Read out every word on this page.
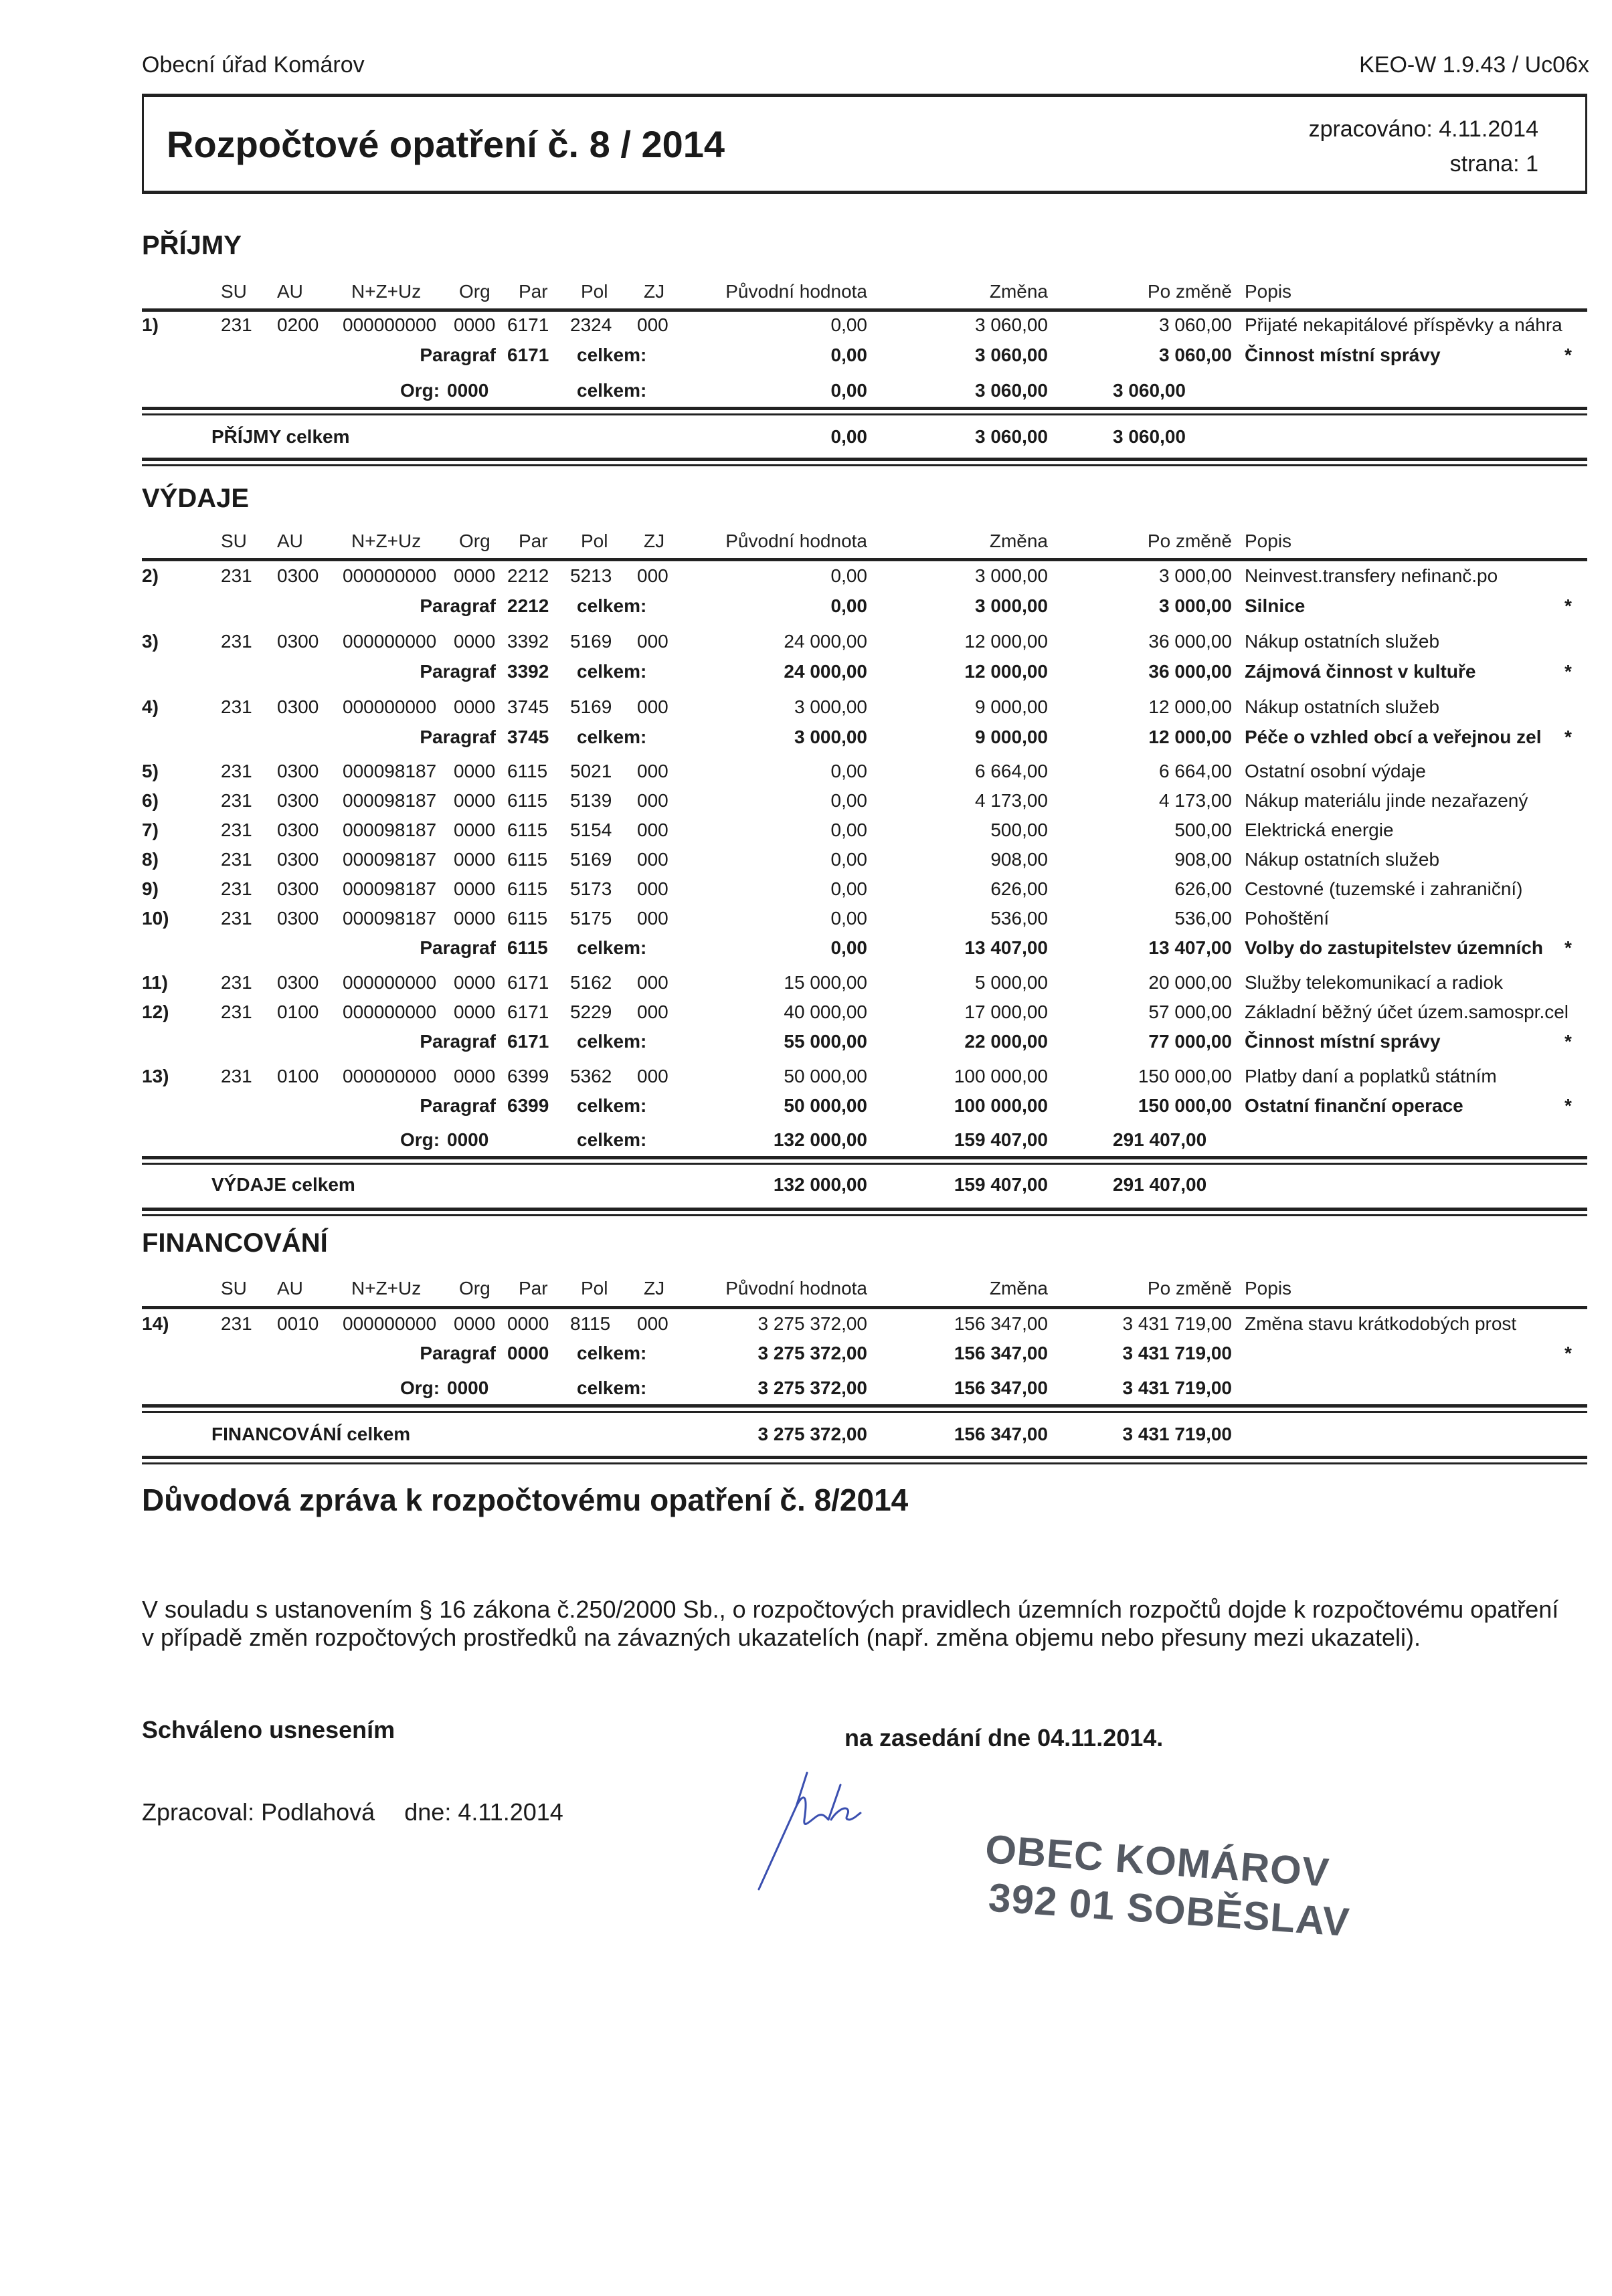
Obecní úřad Komárov	KEO-W 1.9.43 / Uc06x
Rozpočtové opatření č. 8 / 2014	zpracováno: 4.11.2014
strana: 1
PŘÍJMY
SU AU	N+Z+Uz Org Par Pol ZJ	Původní hodnota	Změna	Po změně Popis
1)	231 0200 000000000 0000 6171 2324 000	0,00	3 060,00	3 060,00 Přijaté nekapitálové příspěvky a náhra
Paragraf 6171 celkem:	0,00	3 060,00	3 060,00 Činnost místní správy	*
Org: 0000	celkem:	0,00	3 060,00	3 060,00
PŘÍJMY celkem	0,00	3 060,00	3 060,00
VÝDAJE
SU AU	N+Z+Uz Org Par Pol ZJ	Původní hodnota	Změna	Po změně Popis
2)	231 0300 000000000 0000 2212 5213 000	0,00	3 000,00	3 000,00 Neinvest.transfery nefinanč.po
Paragraf 2212 celkem:	0,00	3 000,00	3 000,00 Silnice	*
3)	231 0300 000000000 0000 3392 5169 000	24 000,00	12 000,00	36 000,00 Nákup ostatních služeb
Paragraf 3392 celkem:	24 000,00	12 000,00	36 000,00 Zájmová činnost v kultuře	*
4)	231 0300 000000000 0000 3745 5169 000	3 000,00	9 000,00	12 000,00 Nákup ostatních služeb
Paragraf 3745 celkem:	3 000,00	9 000,00	12 000,00 Péče o vzhled obcí a veřejnou zel *
5)	231 0300 000098187 0000 6115 5021 000	0,00	6 664,00	6 664,00 Ostatní osobní výdaje
6)	231 0300 000098187 0000 6115 5139 000	0,00	4 173,00	4 173,00 Nákup materiálu jinde nezařazený
7)	231 0300 000098187 0000 6115 5154 000	0,00	500,00	500,00 Elektrická energie
8)	231 0300 000098187 0000 6115 5169 000	0,00	908,00	908,00 Nákup ostatních služeb
9)	231 0300 000098187 0000 6115 5173 000	0,00	626,00	626,00 Cestovné (tuzemské i zahraniční)
10)	231 0300 000098187 0000 6115 5175 000	0,00	536,00	536,00 Pohoštění
Paragraf 6115 celkem:	0,00	13 407,00	13 407,00 Volby do zastupitelstev územních *
11)	231 0300 000000000 0000 6171 5162 000	15 000,00	5 000,00	20 000,00 Služby telekomunikací a radiok
12)	231 0100 000000000 0000 6171 5229 000	40 000,00	17 000,00	57 000,00 Základní běžný účet územ.samospr.cel
Paragraf 6171 celkem:	55 000,00	22 000,00	77 000,00 Činnost místní správy	*
13)	231 0100 000000000 0000 6399 5362 000	50 000,00	100 000,00	150 000,00 Platby daní a poplatků státním
Paragraf 6399 celkem:	50 000,00	100 000,00	150 000,00 Ostatní finanční operace	*
Org: 0000	celkem:	132 000,00	159 407,00	291 407,00
VÝDAJE celkem	132 000,00	159 407,00	291 407,00
FINANCOVÁNÍ
SU AU	N+Z+Uz Org Par Pol ZJ	Původní hodnota	Změna	Po změně Popis
14)	231 0010 000000000 0000 0000 8115 000	3 275 372,00	156 347,00	3 431 719,00 Změna stavu krátkodobých prost
Paragraf 0000 celkem:	3 275 372,00	156 347,00	3 431 719,00	*
Org: 0000	celkem:	3 275 372,00	156 347,00	3 431 719,00
FINANCOVÁNÍ celkem	3 275 372,00	156 347,00	3 431 719,00
Důvodová zpráva k rozpočtovému opatření č. 8/2014
V souladu s ustanovením § 16 zákona č.250/2000 Sb., o rozpočtových pravidlech územních rozpočtů dojde k rozpočtovému opatření v případě změn rozpočtových prostředků na závazných ukazatelích (např. změna objemu nebo přesuny mezi ukazateli).
Schváleno usnesením	na zasedání dne 04.11.2014.
Zpracoval: Podlahová dne: 4.11.2014
OBEC KOMÁROV
392 01 SOBĚSLAV
